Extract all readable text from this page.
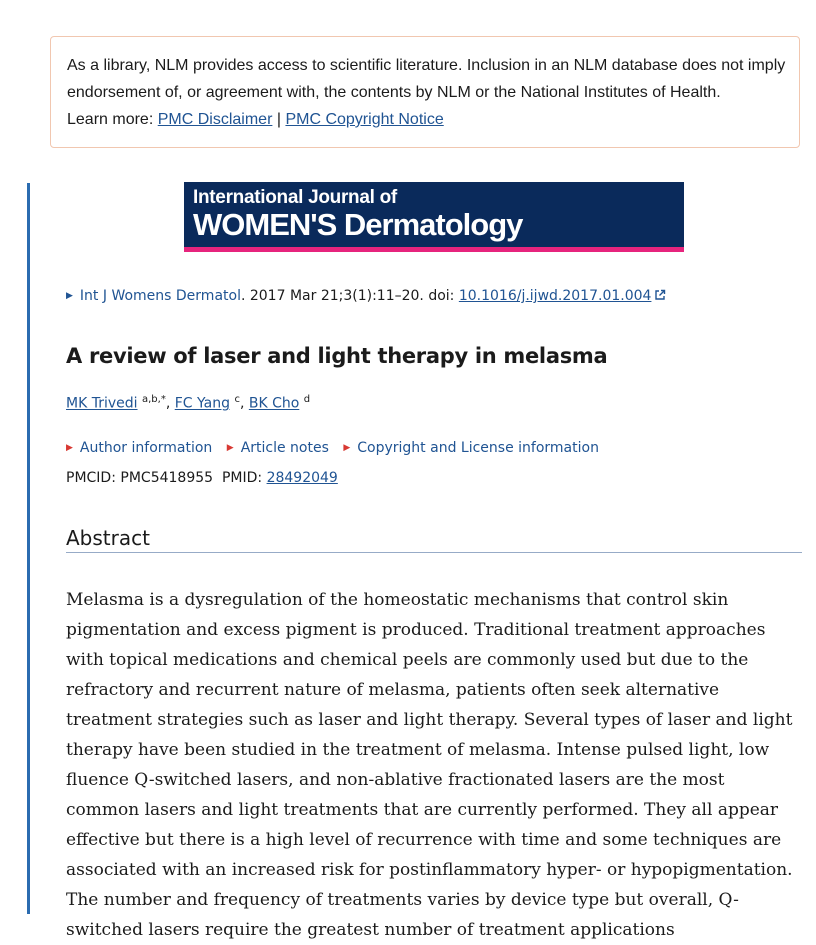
As a library, NLM provides access to scientific literature. Inclusion in an NLM database does not imply endorsement of, or agreement with, the contents by NLM or the National Institutes of Health.
Learn more: PMC Disclaimer | PMC Copyright Notice
International Journal of
WOMEN'S Dermatology
▶ Int J Womens Dermatol. 2017 Mar 21;3(1):11–20. doi: 10.1016/j.ijwd.2017.01.004
A review of laser and light therapy in melasma
MK Trivedi $^{a,b,*}$, FC Yang $^c$, BK Cho $^d$
▶ Author information ▶ Article notes ▶ Copyright and License information
PMCID: PMC5418955 PMID: 28492049
Abstract
Melasma is a dysregulation of the homeostatic mechanisms that control skin pigmentation and excess pigment is produced. Traditional treatment approaches with topical medications and chemical peels are commonly used but due to the refractory and recurrent nature of melasma, patients often seek alternative treatment strategies such as laser and light therapy. Several types of laser and light therapy have been studied in the treatment of melasma. Intense pulsed light, low fluence Q-switched lasers, and non-ablative fractionated lasers are the most common lasers and light treatments that are currently performed. They all appear effective but there is a high level of recurrence with time and some techniques are associated with an increased risk for postinflammatory hyper- or hypopigmentation. The number and frequency of treatments varies by device type but overall, Q-switched lasers require the greatest number of treatment applications
